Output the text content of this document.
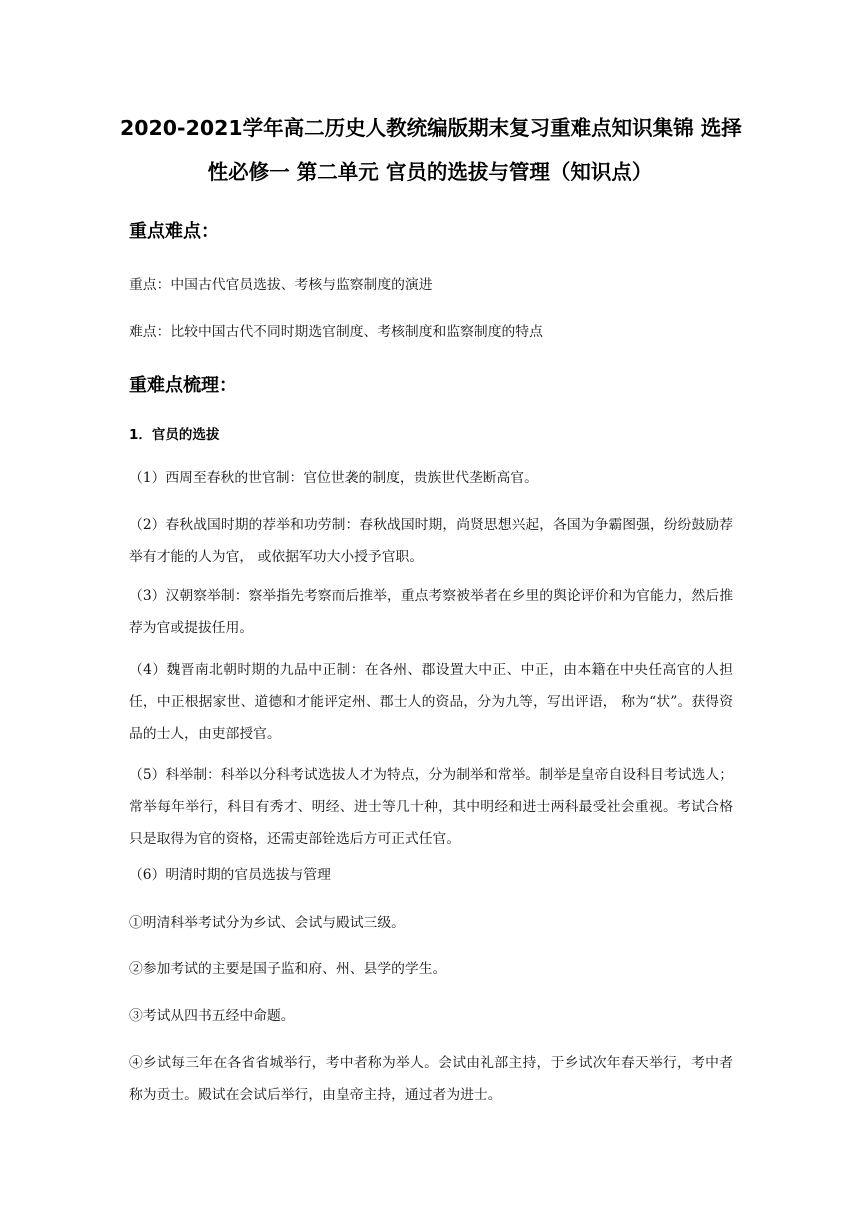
2020-2021学年高二历史人教统编版期末复习重难点知识集锦 选择
性必修一 第二单元 官员的选拔与管理（知识点）
重点难点：
重点：中国古代官员选拔、考核与监察制度的演进
难点：比较中国古代不同时期选官制度、考核制度和监察制度的特点
重难点梳理：
1．官员的选拔
（1）西周至春秋的世官制：官位世袭的制度，贵族世代垄断高官。
（2）春秋战国时期的荐举和功劳制：春秋战国时期，尚贤思想兴起，各国为争霸图强，纷纷鼓励荐举有才能的人为官， 或依据军功大小授予官职。
（3）汉朝察举制：察举指先考察而后推举，重点考察被举者在乡里的舆论评价和为官能力，然后推荐为官或提拔任用。
（4）魏晋南北朝时期的九品中正制：在各州、郡设置大中正、中正，由本籍在中央任高官的人担任，中正根据家世、道德和才能评定州、郡士人的资品，分为九等，写出评语， 称为“状”。获得资品的士人，由吏部授官。
（5）科举制：科举以分科考试选拔人才为特点，分为制举和常举。制举是皇帝自设科目考试选人；常举每年举行，科目有秀才、明经、进士等几十种，其中明经和进士两科最受社会重视。考试合格只是取得为官的资格，还需吏部铨选后方可正式任官。
（6）明清时期的官员选拔与管理
①明清科举考试分为乡试、会试与殿试三级。
②参加考试的主要是国子监和府、州、县学的学生。
③考试从四书五经中命题。
④乡试每三年在各省省城举行，考中者称为举人。会试由礼部主持，于乡试次年春天举行，考中者称为贡士。殿试在会试后举行，由皇帝主持，通过者为进士。
